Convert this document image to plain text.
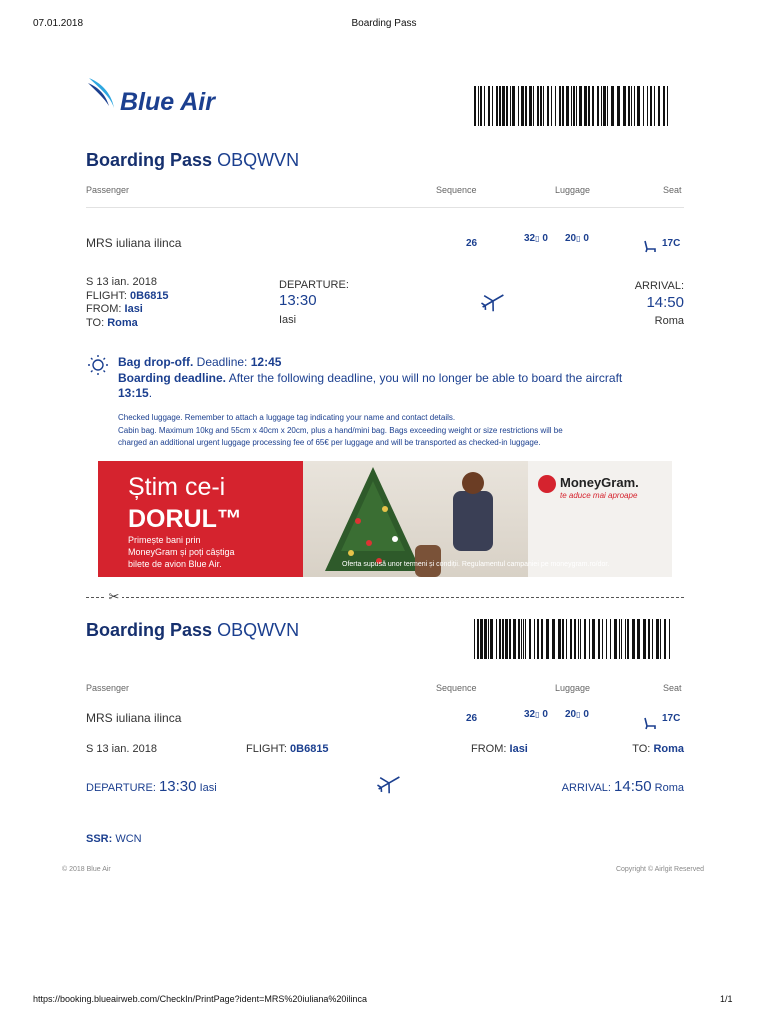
07.01.2018	Boarding Pass
Blue Air
Boarding Pass OBQWVN
Passenger	Sequence	Luggage	Seat
MRS iuliana ilinca	26	32▯ 0 20▯ 0	17C
S 13 ian. 2018
FLIGHT: 0B6815
FROM: Iasi
TO: Roma
DEPARTURE:
13:30
Iasi
ARRIVAL:
14:50
Roma
Bag drop-off. Deadline: 12:45
Boarding deadline. After the following deadline, you will no longer be able to board the aircraft
13:15.
Checked luggage. Remember to attach a luggage tag indicating your name and contact details.
Cabin bag. Maximum 10kg and 55cm x 40cm x 20cm, plus a hand/mini bag. Bags exceeding weight or size restrictions will be
charged an additional urgent luggage processing fee of 65€ per luggage and will be transported as checked-in luggage.
Știm ce-i
DORUL™
Primește bani prin
MoneyGram și poți câștiga
bilete de avion Blue Air.
MoneyGram.
te aduce mai aproape
Oferta supusă unor termeni și condiții. Regulamentul campaniei pe moneygram.ro/dor.
✂
Boarding Pass OBQWVN
Passenger	Sequence	Luggage	Seat
MRS iuliana ilinca	26	32▯ 0 20▯ 0	17C
S 13 ian. 2018	FLIGHT: 0B6815	FROM: Iasi	TO: Roma
DEPARTURE: 13:30 Iasi	ARRIVAL: 14:50 Roma
SSR: WCN
© 2018 Blue Air	Copyright © Airlgit Reserved
https://booking.blueairweb.com/CheckIn/PrintPage?ident=MRS%20iuliana%20ilinca	1/1
